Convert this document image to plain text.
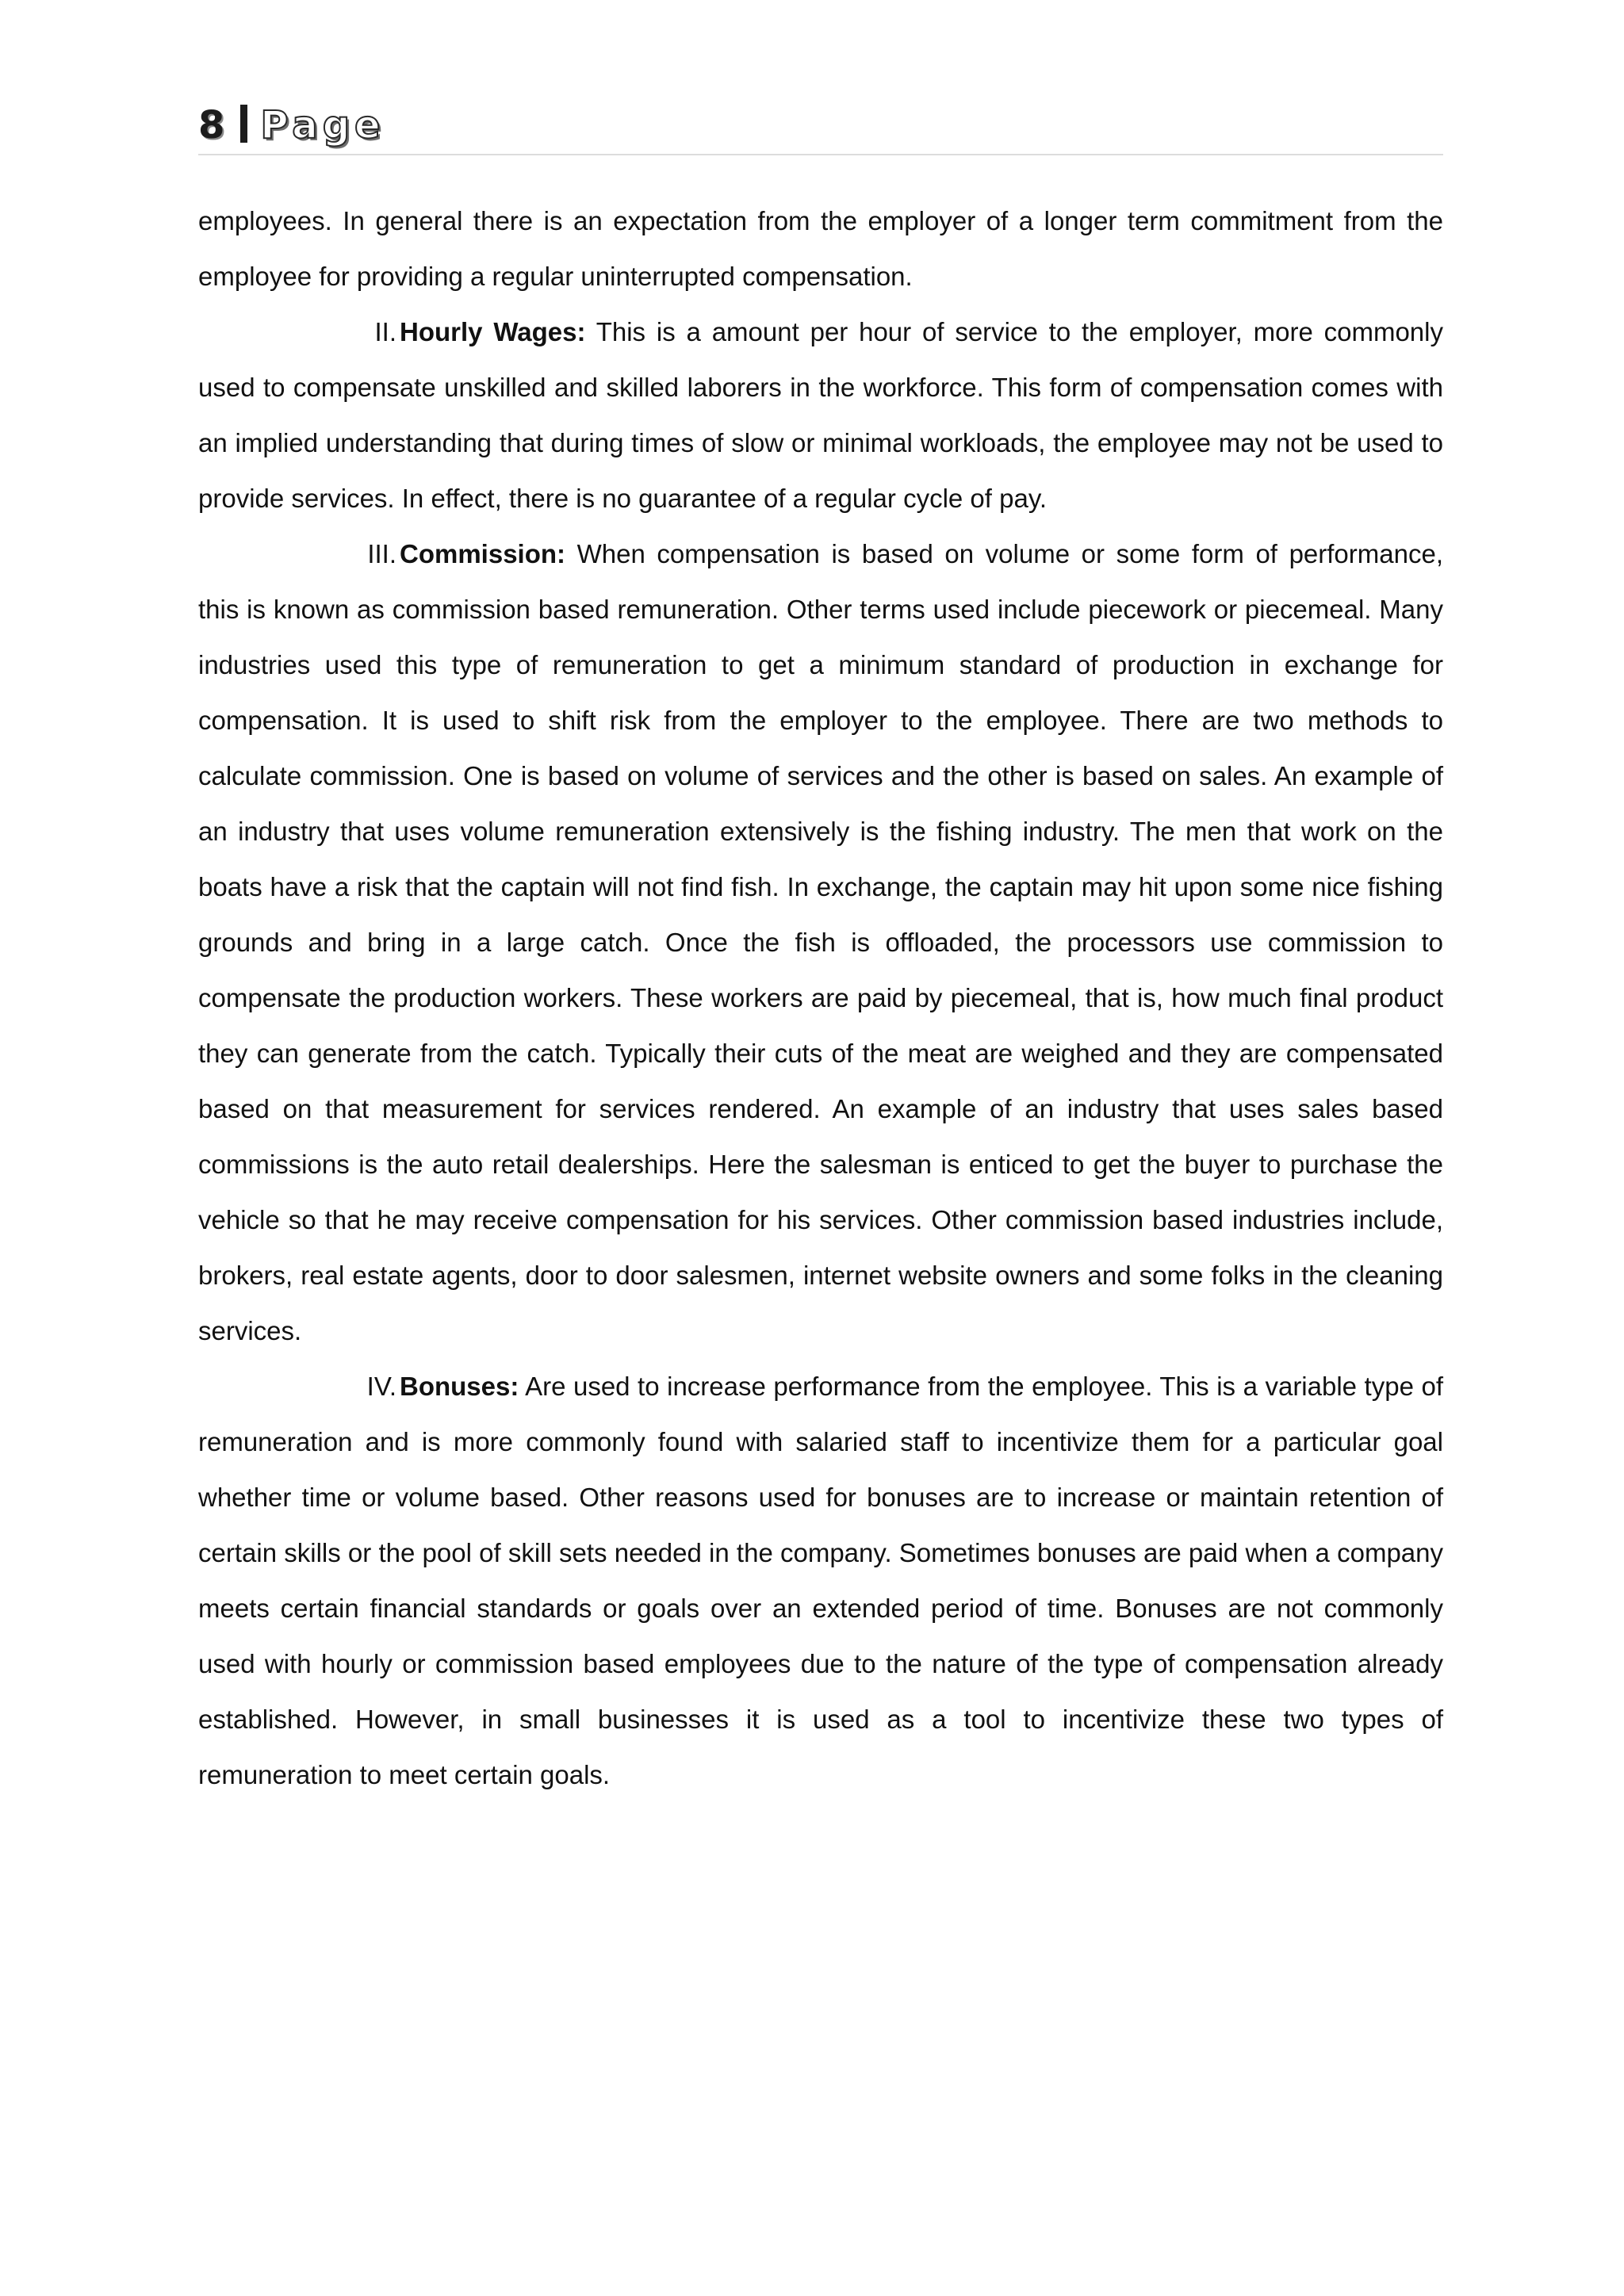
8 Page

employees. In general there is an expectation from the employer of a longer term commitment from the employee for providing a regular uninterrupted compensation.

II. Hourly Wages: This is a amount per hour of service to the employer, more commonly used to compensate unskilled and skilled laborers in the workforce. This form of compensation comes with an implied understanding that during times of slow or minimal workloads, the employee may not be used to provide services. In effect, there is no guarantee of a regular cycle of pay.

III. Commission: When compensation is based on volume or some form of performance, this is known as commission based remuneration. Other terms used include piecework or piecemeal. Many industries used this type of remuneration to get a minimum standard of production in exchange for compensation. It is used to shift risk from the employer to the employee. There are two methods to calculate commission. One is based on volume of services and the other is based on sales. An example of an industry that uses volume remuneration extensively is the fishing industry. The men that work on the boats have a risk that the captain will not find fish. In exchange, the captain may hit upon some nice fishing grounds and bring in a large catch. Once the fish is offloaded, the processors use commission to compensate the production workers. These workers are paid by piecemeal, that is, how much final product they can generate from the catch. Typically their cuts of the meat are weighed and they are compensated based on that measurement for services rendered. An example of an industry that uses sales based commissions is the auto retail dealerships. Here the salesman is enticed to get the buyer to purchase the vehicle so that he may receive compensation for his services. Other commission based industries include, brokers, real estate agents, door to door salesmen, internet website owners and some folks in the cleaning services.

IV. Bonuses: Are used to increase performance from the employee. This is a variable type of remuneration and is more commonly found with salaried staff to incentivize them for a particular goal whether time or volume based. Other reasons used for bonuses are to increase or maintain retention of certain skills or the pool of skill sets needed in the company. Sometimes bonuses are paid when a company meets certain financial standards or goals over an extended period of time. Bonuses are not commonly used with hourly or commission based employees due to the nature of the type of compensation already established. However, in small businesses it is used as a tool to incentivize these two types of remuneration to meet certain goals.
